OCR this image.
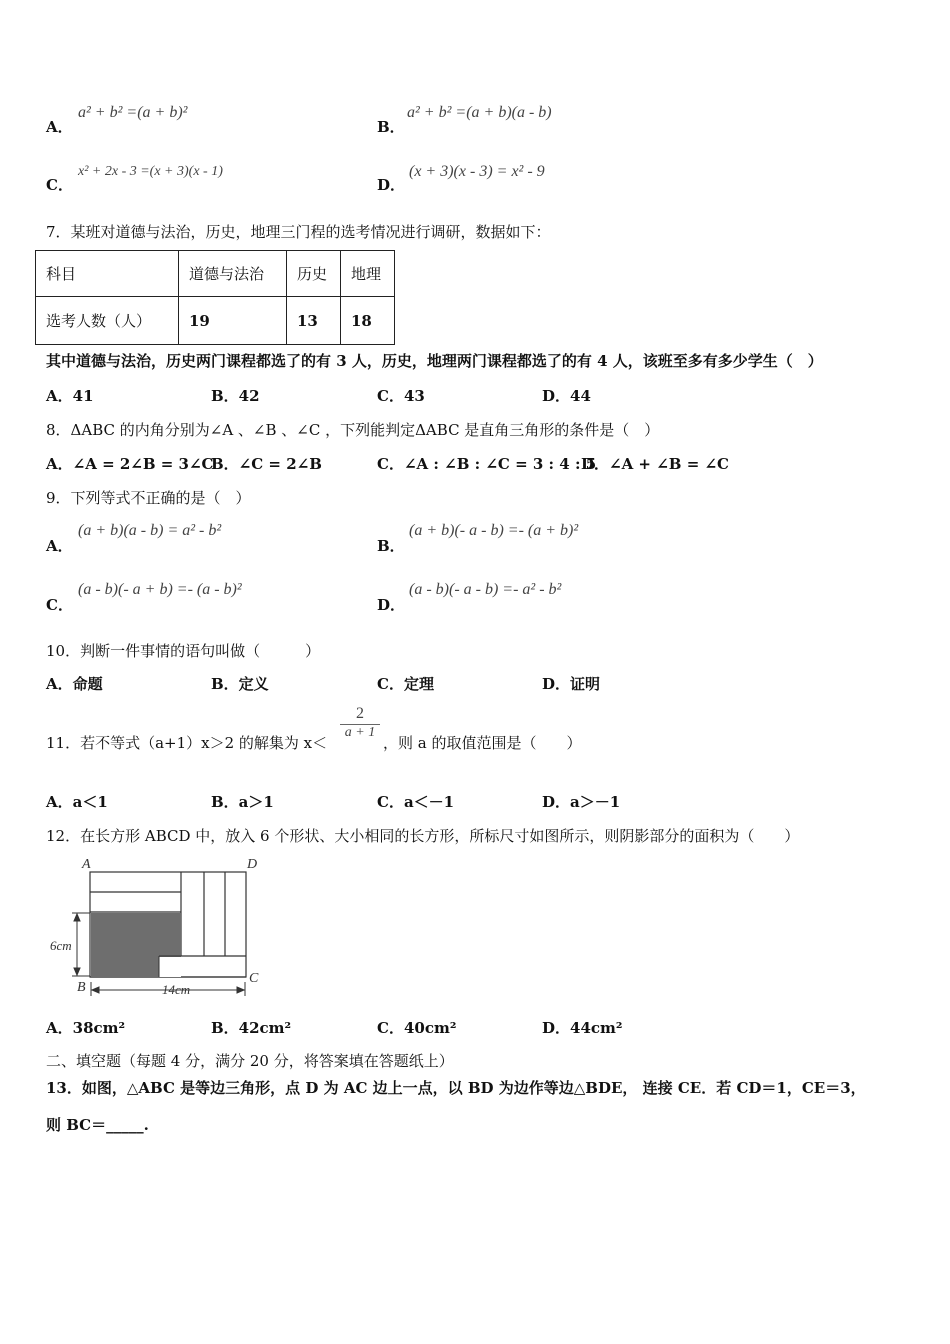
A．
a² + b² =(a + b)²
B．
a² + b² =(a + b)(a - b)
C．
x² + 2x - 3 =(x + 3)(x - 1)
D．
(x + 3)(x - 3) = x² - 9
7．某班对道德与法治，历史，地理三门程的选考情况进行调研，数据如下：
科目	道德与法治	历史	地理
选考人数（人）	19	13	18
其中道德与法治，历史两门课程都选了的有 3 人，历史，地理两门课程都选了的有 4 人，该班至多有多少学生（　）
A．41	B．42	C．43	D．44
8．ΔABC 的内角分别为∠A 、∠B 、∠C ，下列能判定ΔABC 是直角三角形的条件是（　）
A．∠A = 2∠B = 3∠C
B．∠C = 2∠B	C．∠A : ∠B : ∠C = 3 : 4 : 5
D．∠A + ∠B = ∠C
9．下列等式不正确的是（　）
A．
(a + b)(a - b) = a² - b²
B．
(a + b)(- a - b) =- (a + b)²
C．
(a - b)(- a + b) =- (a - b)²
D．
(a - b)(- a - b) =- a² - b²
10．判断一件事情的语句叫做（　　　）
A．命题	B．定义	C．定理	D．证明
11．若不等式（a+1）x＞2 的解集为 x＜
$\frac{2}{a + 1}$
，则 a 的取值范围是（　　）
A．a＜1	B．a＞1	C．a＜－1	D．a＞－1
12．在长方形 ABCD 中，放入 6 个形状、大小相同的长方形，所标尺寸如图所示，则阴影部分的面积为（　　）
A	D
B
C
6cm
14cm
A．38cm²	B．42cm²	C．40cm²	D．44cm²
二、填空题（每题 4 分，满分 20 分，将答案填在答题纸上）
13．如图，△ABC 是等边三角形，点 D 为 AC 边上一点，以 BD 为边作等边△BDE， 连接 CE．若 CD＝1，CE＝3，
则 BC＝_____.
